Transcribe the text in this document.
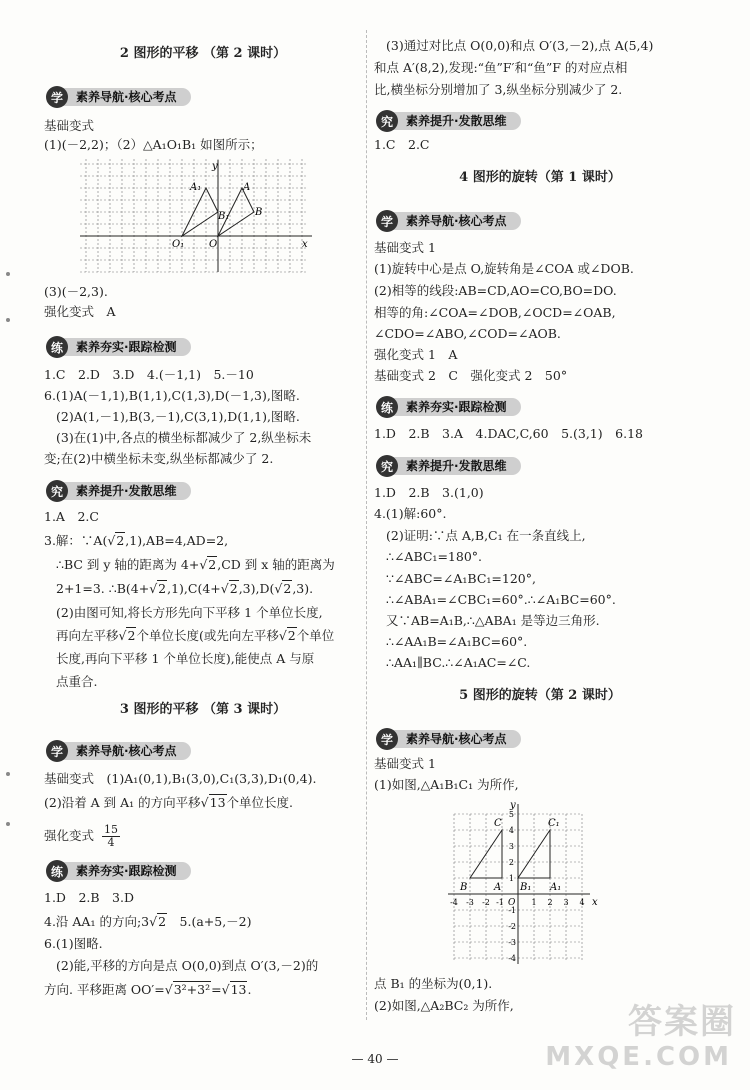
2 图形的平移 （第 2 课时）
学	素养导航·核心考点
基础变式
(1)(－2,2)；（2）△A₁O₁B₁ 如图所示；
y
x
A₁	A
B₁	B
O₁ O
(3)(－2,3).
强化变式　A
练	素养夯实·跟踪检测
1.C　2.D　3.D　4.(－1,1)　5.－10
6.(1)A(－1,1),B(1,1),C(1,3),D(－1,3),图略.
(2)A(1,－1),B(3,－1),C(3,1),D(1,1),图略.
(3)在(1)中,各点的横坐标都减少了 2,纵坐标未
变;在(2)中横坐标未变,纵坐标都减少了 2.
究	素养提升·发散思维
1.A　2.C
3.解：∵A(√2,1),AB=4,AD=2,
∴BC 到 y 轴的距离为 4+√2,CD 到 x 轴的距离为
2+1=3. ∴B(4+√2,1),C(4+√2,3),D(√2,3).
(2)由图可知,将长方形先向下平移 1 个单位长度,
再向左平移√2个单位长度(或先向左平移√2个单位
长度,再向下平移 1 个单位长度),能使点 A 与原
点重合.
3 图形的平移 （第 3 课时）
学	素养导航·核心考点
基础变式　(1)A₁(0,1),B₁(3,0),C₁(3,3),D₁(0,4).
(2)沿着 A 到 A₁ 的方向平移√13个单位长度.
强化变式 $\frac{15}{4}$
练	素养夯实·跟踪检测
1.D　2.B　3.D
4.沿 AA₁ 的方向;3√2　5.(a+5,－2)
6.(1)图略.
(2)能,平移的方向是点 O(0,0)到点 O′(3,－2)的
方向. 平移距离 OO′=√3²+3²=√13.
(3)通过对比点 O(0,0)和点 O′(3,－2),点 A(5,4)
和点 A′(8,2),发现:“鱼”F′和“鱼”F 的对应点相
比,横坐标分别增加了 3,纵坐标分别减少了 2.
究	素养提升·发散思维
1.C　2.C
4 图形的旋转（第 1 课时）
学	素养导航·核心考点
基础变式 1
(1)旋转中心是点 O,旋转角是∠COA 或∠DOB.
(2)相等的线段:AB=CD,AO=CO,BO=DO.
相等的角:∠COA=∠DOB,∠OCD=∠OAB,
∠CDO=∠ABO,∠COD=∠AOB.
强化变式 1　A
基础变式 2　C　强化变式 2　50°
练	素养夯实·跟踪检测
1.D　2.B　3.A　4.DAC,C,60　5.(3,1)　6.18
究	素养提升·发散思维
1.D　2.B　3.(1,0)
4.(1)解:60°.
(2)证明:∵点 A,B,C₁ 在一条直线上,
∴∠ABC₁=180°.
∵∠ABC=∠A₁BC₁=120°,
∴∠ABA₁=∠CBC₁=60°.∴∠A₁BC=60°.
又∵AB=A₁B,∴△ABA₁ 是等边三角形.
∴∠AA₁B=∠A₁BC=60°.
∴AA₁∥BC.∴∠A₁AC=∠C.
5 图形的旋转（第 2 课时）
学	素养导航·核心考点
基础变式 1
(1)如图,△A₁B₁C₁ 为所作,
y
x
C	C₁
B	A B₁ A₁
O
-4 -3 -2 -1	1 2 3 4
5
4
3
2
1
-1
-2
-3
-4
点 B₁ 的坐标为(0,1).
(2)如图,△A₂BC₂ 为所作,
— 40 —
答案圈
MXQE.COM
